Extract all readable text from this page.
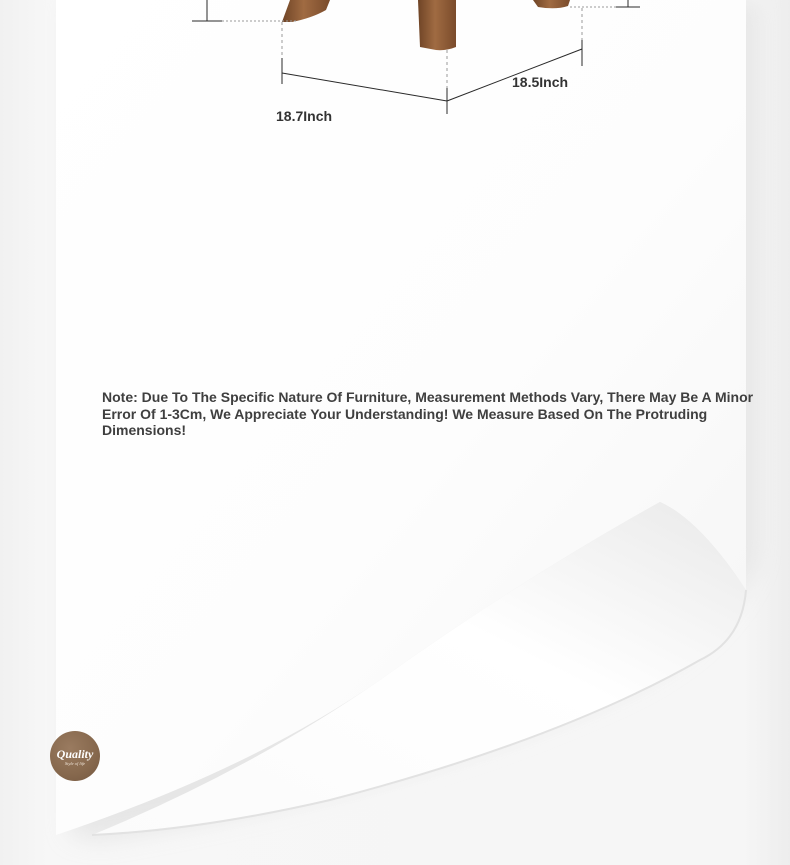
18.7Inch
18.5Inch

Note: Due To The Specific Nature Of Furniture, Measurement Methods Vary, There May Be A Minor Error Of 1-3Cm, We Appreciate Your Understanding! We Measure Based On The Protruding Dimensions!

Quality
Style of life
